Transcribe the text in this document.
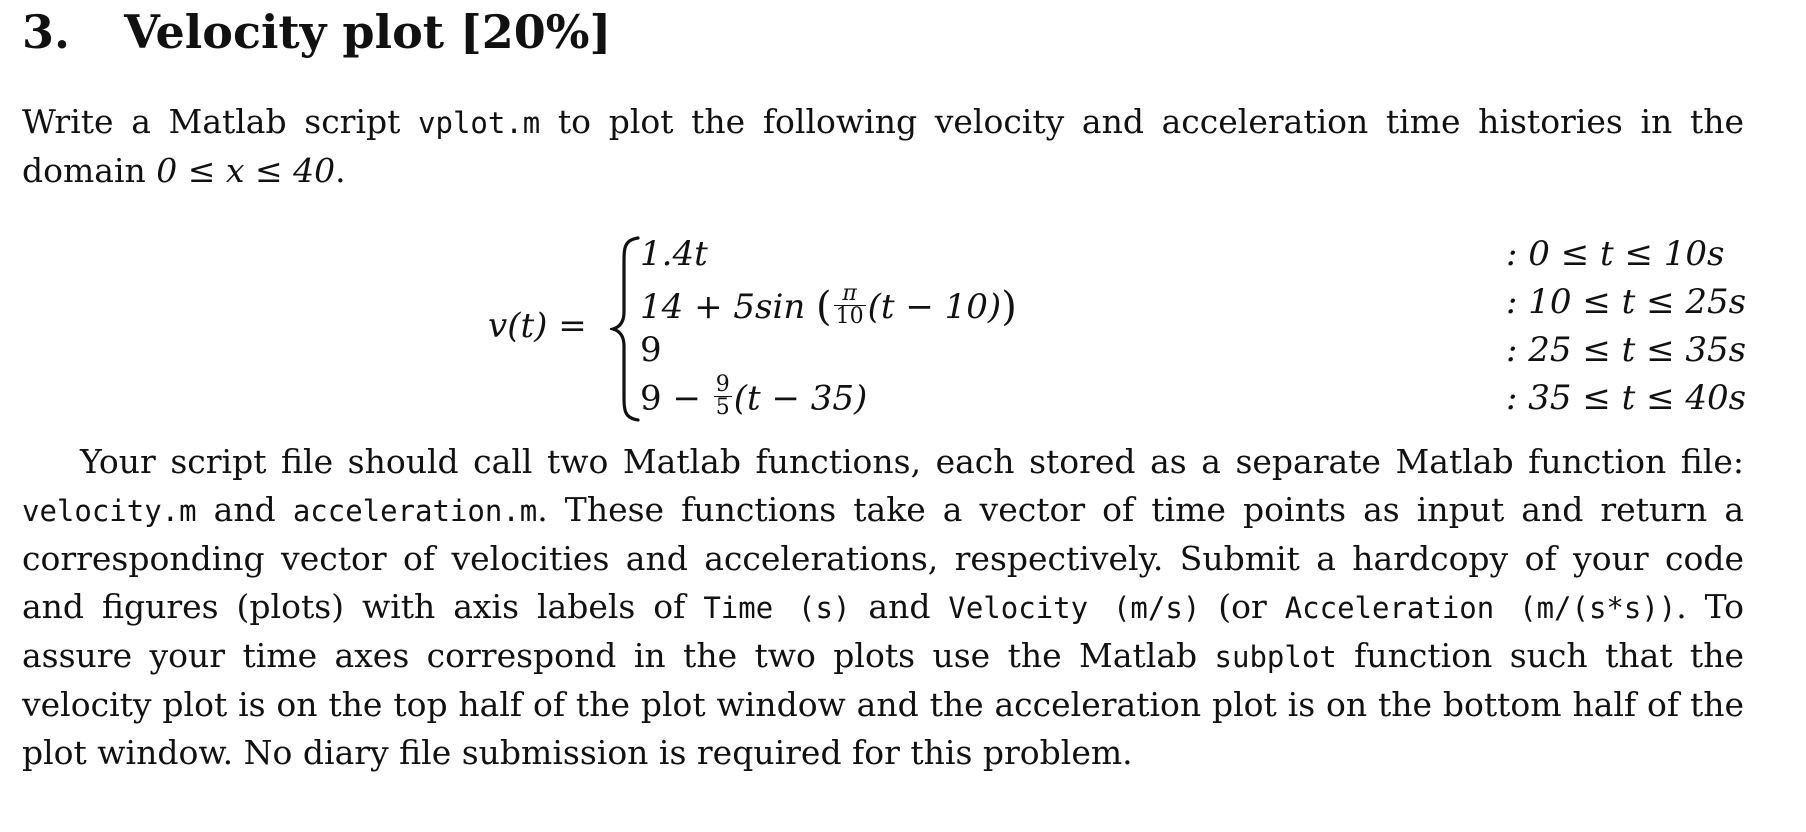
3. Velocity plot [20%]
Write a Matlab script vplot.m to plot the following velocity and acceleration time histories in the domain 0 ≤ x ≤ 40.
v(t) =
1.4t	: 0 ≤ t ≤ 10s
14 + 5sin ( $\frac{\pi}{10} (t - 10)$)	: 10 ≤ t ≤ 25s
9	: 25 ≤ t ≤ 35s
$9 - \frac{9}{5} (t - 35)$	: 35 ≤ t ≤ 40s
Your script file should call two Matlab functions, each stored as a separate Matlab function file: velocity.m and acceleration.m. These functions take a vector of time points as input and return a corresponding vector of velocities and accelerations, respectively. Submit a hardcopy of your code and figures (plots) with axis labels of Time (s) and Velocity (m/s) (or Acceleration (m/(s*s)). To assure your time axes correspond in the two plots use the Matlab subplot function such that the velocity plot is on the top half of the plot window and the acceleration plot is on the bottom half of the plot window. No diary file submission is required for this problem.
